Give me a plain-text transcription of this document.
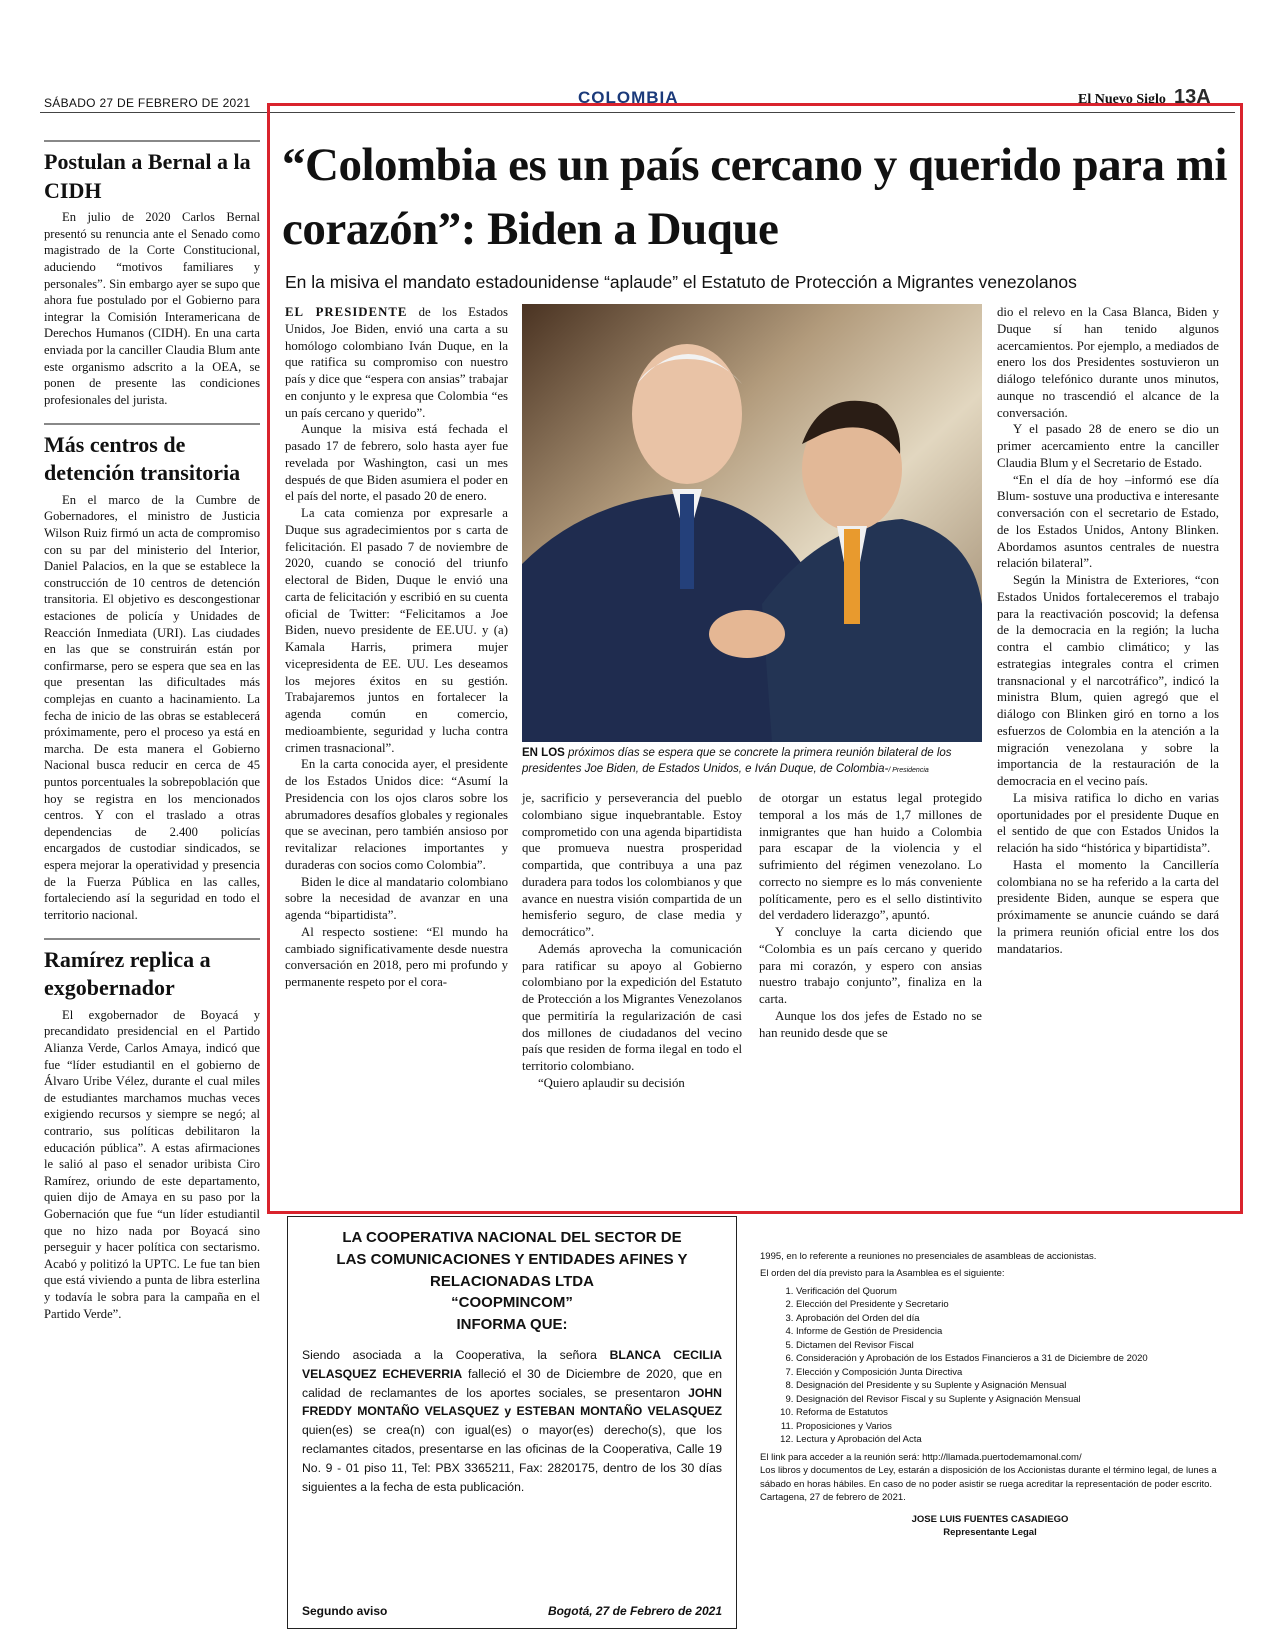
SÁBADO 27 DE FEBRERO DE 2021	COLOMBIA	El Nuevo Siglo 13A
Postulan a Bernal a la CIDH

En julio de 2020 Carlos Bernal presentó su renuncia ante el Senado como magistrado de la Corte Constitucional, aduciendo “motivos familiares y personales”. Sin embargo ayer se supo que ahora fue postulado por el Gobierno para integrar la Comisión Interamericana de Derechos Humanos (CIDH). En una carta enviada por la canciller Claudia Blum ante este organismo adscrito a la OEA, se ponen de presente las condiciones profesionales del jurista.

Más centros de detención transitoria

En el marco de la Cumbre de Gobernadores, el ministro de Justicia Wilson Ruiz firmó un acta de compromiso con su par del ministerio del Interior, Daniel Palacios, en la que se establece la construcción de 10 centros de detención transitoria. El objetivo es descongestionar estaciones de policía y Unidades de Reacción Inmediata (URI). Las ciudades en las que se construirán están por confirmarse, pero se espera que sea en las que presentan las dificultades más complejas en cuanto a hacinamiento. La fecha de inicio de las obras se establecerá próximamente, pero el proceso ya está en marcha. De esta manera el Gobierno Nacional busca reducir en cerca de 45 puntos porcentuales la sobrepoblación que hoy se registra en los mencionados centros. Y con el traslado a otras dependencias de 2.400 policías encargados de custodiar sindicados, se espera mejorar la operatividad y presencia de la Fuerza Pública en las calles, fortaleciendo así la seguridad en todo el territorio nacional.

Ramírez replica a exgobernador

El exgobernador de Boyacá y precandidato presidencial en el Partido Alianza Verde, Carlos Amaya, indicó que fue “líder estudiantil en el gobierno de Álvaro Uribe Vélez, durante el cual miles de estudiantes marchamos muchas veces exigiendo recursos y siempre se negó; al contrario, sus políticas debilitaron la educación pública”. A estas afirmaciones le salió al paso el senador uribista Ciro Ramírez, oriundo de este departamento, quien dijo de Amaya en su paso por la Gobernación que fue “un líder estudiantil que no hizo nada por Boyacá sino perseguir y hacer política con sectarismo. Acabó y politizó la UPTC. Le fue tan bien que está viviendo a punta de libra esterlina y todavía le sobra para la campaña en el Partido Verde”.

“Colombia es un país cercano y querido para mi corazón”: Biden a Duque
En la misiva el mandato estadounidense “aplaude” el Estatuto de Protección a Migrantes venezolanos

EL PRESIDENTE de los Estados Unidos, Joe Biden, envió una carta a su homólogo colombiano Iván Duque, en la que ratifica su compromiso con nuestro país y dice que “espera con ansias” trabajar en conjunto y le expresa que Colombia “es un país cercano y querido”.

Aunque la misiva está fechada el pasado 17 de febrero, solo hasta ayer fue revelada por Washington, casi un mes después de que Biden asumiera el poder en el país del norte, el pasado 20 de enero.

La cata comienza por expresarle a Duque sus agradecimientos por s carta de felicitación. El pasado 7 de noviembre de 2020, cuando se conoció del triunfo electoral de Biden, Duque le envió una carta de felicitación y escribió en su cuenta oficial de Twitter: “Felicitamos a Joe Biden, nuevo presidente de EE.UU. y (a) Kamala Harris, primera mujer vicepresidenta de EE. UU. Les deseamos los mejores éxitos en su gestión. Trabajaremos juntos en fortalecer la agenda común en comercio, medioambiente, seguridad y lucha contra crimen trasnacional”.

En la carta conocida ayer, el presidente de los Estados Unidos dice: “Asumí la Presidencia con los ojos claros sobre los abrumadores desafíos globales y regionales que se avecinan, pero también ansioso por revitalizar relaciones importantes y duraderas con socios como Colombia”.

Biden le dice al mandatario colombiano sobre la necesidad de avanzar en una agenda “bipartidista”.

Al respecto sostiene: “El mundo ha cambiado significativamente desde nuestra conversación en 2018, pero mi profundo y permanente respeto por el cora-

EN LOS próximos días se espera que se concrete la primera reunión bilateral de los presidentes Joe Biden, de Estados Unidos, e Iván Duque, de Colombia-/ Presidencia

je, sacrificio y perseverancia del pueblo colombiano sigue inquebrantable. Estoy comprometido con una agenda bipartidista que promueva nuestra prosperidad compartida, que contribuya a una paz duradera para todos los colombianos y que avance en nuestra visión compartida de un hemisferio seguro, de clase media y democrático”.

Además aprovecha la comunicación para ratificar su apoyo al Gobierno colombiano por la expedición del Estatuto de Protección a los Migrantes Venezolanos que permitiría la regularización de casi dos millones de ciudadanos del vecino país que residen de forma ilegal en todo el territorio colombiano.

“Quiero aplaudir su decisión

de otorgar un estatus legal protegido temporal a los más de 1,7 millones de inmigrantes que han huido a Colombia para escapar de la violencia y el sufrimiento del régimen venezolano. Lo correcto no siempre es lo más conveniente políticamente, pero es el sello distintivito del verdadero liderazgo”, apuntó.

Y concluye la carta diciendo que “Colombia es un país cercano y querido para mi corazón, y espero con ansias nuestro trabajo conjunto”, finaliza en la carta.

Aunque los dos jefes de Estado no se han reunido desde que se

dio el relevo en la Casa Blanca, Biden y Duque sí han tenido algunos acercamientos. Por ejemplo, a mediados de enero los dos Presidentes sostuvieron un diálogo telefónico durante unos minutos, aunque no trascendió el alcance de la conversación.

Y el pasado 28 de enero se dio un primer acercamiento entre la canciller Claudia Blum y el Secretario de Estado.

“En el día de hoy –informó ese día Blum- sostuve una productiva e interesante conversación con el secretario de Estado, de los Estados Unidos, Antony Blinken. Abordamos asuntos centrales de nuestra relación bilateral”.

Según la Ministra de Exteriores, “con Estados Unidos fortaleceremos el trabajo para la reactivación poscovid; la defensa de la democracia en la región; la lucha contra el cambio climático; y las estrategias integrales contra el crimen transnacional y el narcotráfico”, indicó la ministra Blum, quien agregó que el diálogo con Blinken giró en torno a los esfuerzos de Colombia en la atención a la migración venezolana y sobre la importancia de la restauración de la democracia en el vecino país.

La misiva ratifica lo dicho en varias oportunidades por el presidente Duque en el sentido de que con Estados Unidos la relación ha sido “histórica y bipartidista”.

Hasta el momento la Cancillería colombiana no se ha referido a la carta del presidente Biden, aunque se espera que próximamente se anuncie cuándo se dará la primera reunión oficial entre los dos mandatarios.

LA COOPERATIVA NACIONAL DEL SECTOR DE
LAS COMUNICACIONES Y ENTIDADES AFINES Y
RELACIONADAS LTDA
“COOPMINCOM”
INFORMA QUE:
Siendo asociada a la Cooperativa, la señora BLANCA CECILIA VELASQUEZ ECHEVERRIA falleció el 30 de Diciembre de 2020, que en calidad de reclamantes de los aportes sociales, se presentaron JOHN FREDDY MONTAÑO VELASQUEZ y ESTEBAN MONTAÑO VELASQUEZ quien(es) se crea(n) con igual(es) o mayor(es) derecho(s), que los reclamantes citados, presentarse en las oficinas de la Cooperativa, Calle 19 No. 9 - 01 piso 11, Tel: PBX 3365211, Fax: 2820175, dentro de los 30 días siguientes a la fecha de esta publicación.
Segundo aviso	Bogotá, 27 de Febrero de 2021
1995, en lo referente a reuniones no presenciales de asambleas de accionistas.
El orden del día previsto para la Asamblea es el siguiente:
1. Verificación del Quorum
2. Elección del Presidente y Secretario
3. Aprobación del Orden del día
4. Informe de Gestión de Presidencia
5. Dictamen del Revisor Fiscal
6. Consideración y Aprobación de los Estados Financieros a 31 de Diciembre de 2020
7. Elección y Composición Junta Directiva
8. Designación del Presidente y su Suplente y Asignación Mensual
9. Designación del Revisor Fiscal y su Suplente y Asignación Mensual
10. Reforma de Estatutos
11. Proposiciones y Varios
12. Lectura y Aprobación del Acta
El link para acceder a la reunión será: http://llamada.puertodemamonal.com/
Los libros y documentos de Ley, estarán a disposición de los Accionistas durante el término legal, de lunes a sábado en horas hábiles. En caso de no poder asistir se ruega acreditar la representación de poder escrito.
Cartagena, 27 de febrero de 2021.
JOSE LUIS FUENTES CASADIEGO
Representante Legal
